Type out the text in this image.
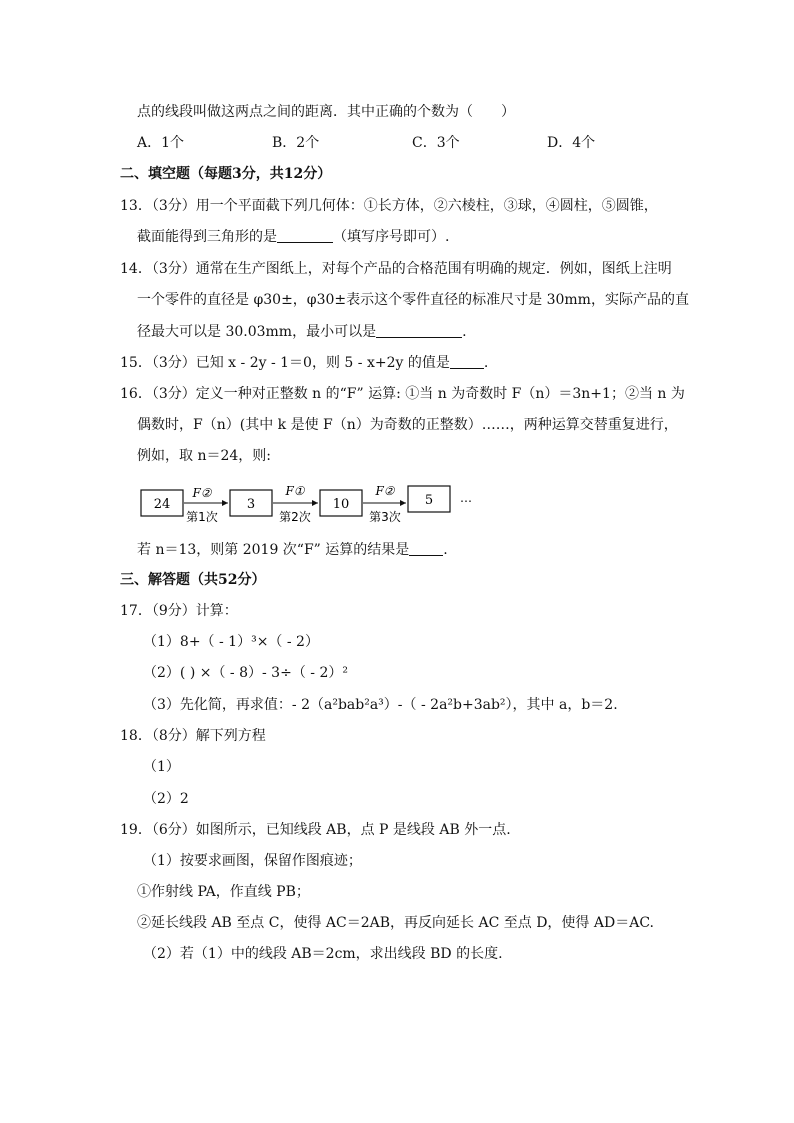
点的线段叫做这两点之间的距离．其中正确的个数为（　　）
A．1个	B．2个	C．3个	D．4个
二、填空题（每题3分，共12分）
13．（3分）用一个平面截下列几何体：①长方体，②六棱柱，③球，④圆柱，⑤圆锥，
截面能得到三角形的是	（填写序号即可）.
14．（3分）通常在生产图纸上，对每个产品的合格范围有明确的规定．例如，图纸上注明
一个零件的直径是 φ30±，φ30±表示这个零件直径的标准尺寸是 30mm，实际产品的直
径最大可以是 30.03mm，最小可以是	.
15．（3分）已知 x - 2y - 1＝0，则 5 - x+2y 的值是 .
16．（3分）定义一种对正整数 n 的“F” 运算: ①当 n 为奇数时 F（n）＝3n+1；②当 n 为
偶数时，F（n）(其中 k 是使 F（n）为奇数的正整数）……，两种运算交替重复进行，
例如，取 n＝24，则:
24
F②
第1次
3
F①
第2次
10
F②
第3次
5 …
若 n＝13，则第 2019 次“F” 运算的结果是 .
三、解答题（共52分）
17．（9分）计算：
（1）8+（ - 1）³×（ - 2）
（2）( ) ×（ - 8）- 3÷（ - 2）²
（3）先化简，再求值：- 2（a²bab²a³）-（ - 2a²b+3ab²），其中 a，b＝2.
18．（8分）解下列方程
（1）
（2）2
19．（6分）如图所示，已知线段 AB，点 P 是线段 AB 外一点.
（1）按要求画图，保留作图痕迹；
①作射线 PA，作直线 PB；
②延长线段 AB 至点 C，使得 AC＝2AB，再反向延长 AC 至点 D，使得 AD＝AC.
（2）若（1）中的线段 AB＝2cm，求出线段 BD 的长度.
